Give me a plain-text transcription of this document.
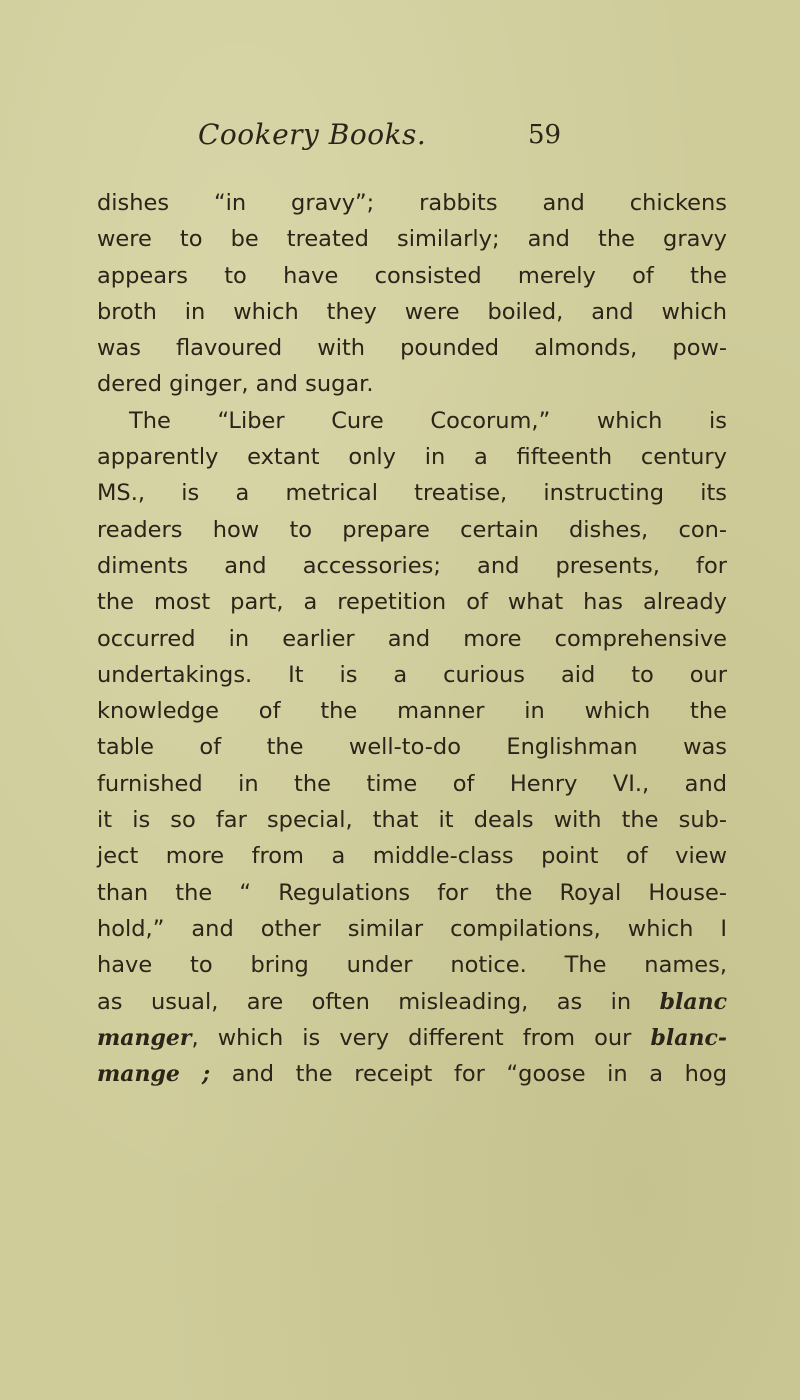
Cookery Books.	59
dishes “in gravy”; rabbits and chickens
were to be treated similarly; and the gravy
appears to have consisted merely of the
broth in which they were boiled, and which
was flavoured with pounded almonds, pow-
dered ginger, and sugar.
The “Liber Cure Cocorum,” which is
apparently extant only in a fifteenth century
MS., is a metrical treatise, instructing its
readers how to prepare certain dishes, con-
diments and accessories; and presents, for
the most part, a repetition of what has already
occurred in earlier and more comprehensive
undertakings. It is a curious aid to our
knowledge of the manner in which the
table of the well-to-do Englishman was
furnished in the time of Henry VI., and
it is so far special, that it deals with the sub-
ject more from a middle-class point of view
than the “ Regulations for the Royal House-
hold,” and other similar compilations, which I
have to bring under notice. The names,
as usual, are often misleading, as in blanc
manger, which is very different from our blanc-
mange ; and the receipt for “goose in a hog
